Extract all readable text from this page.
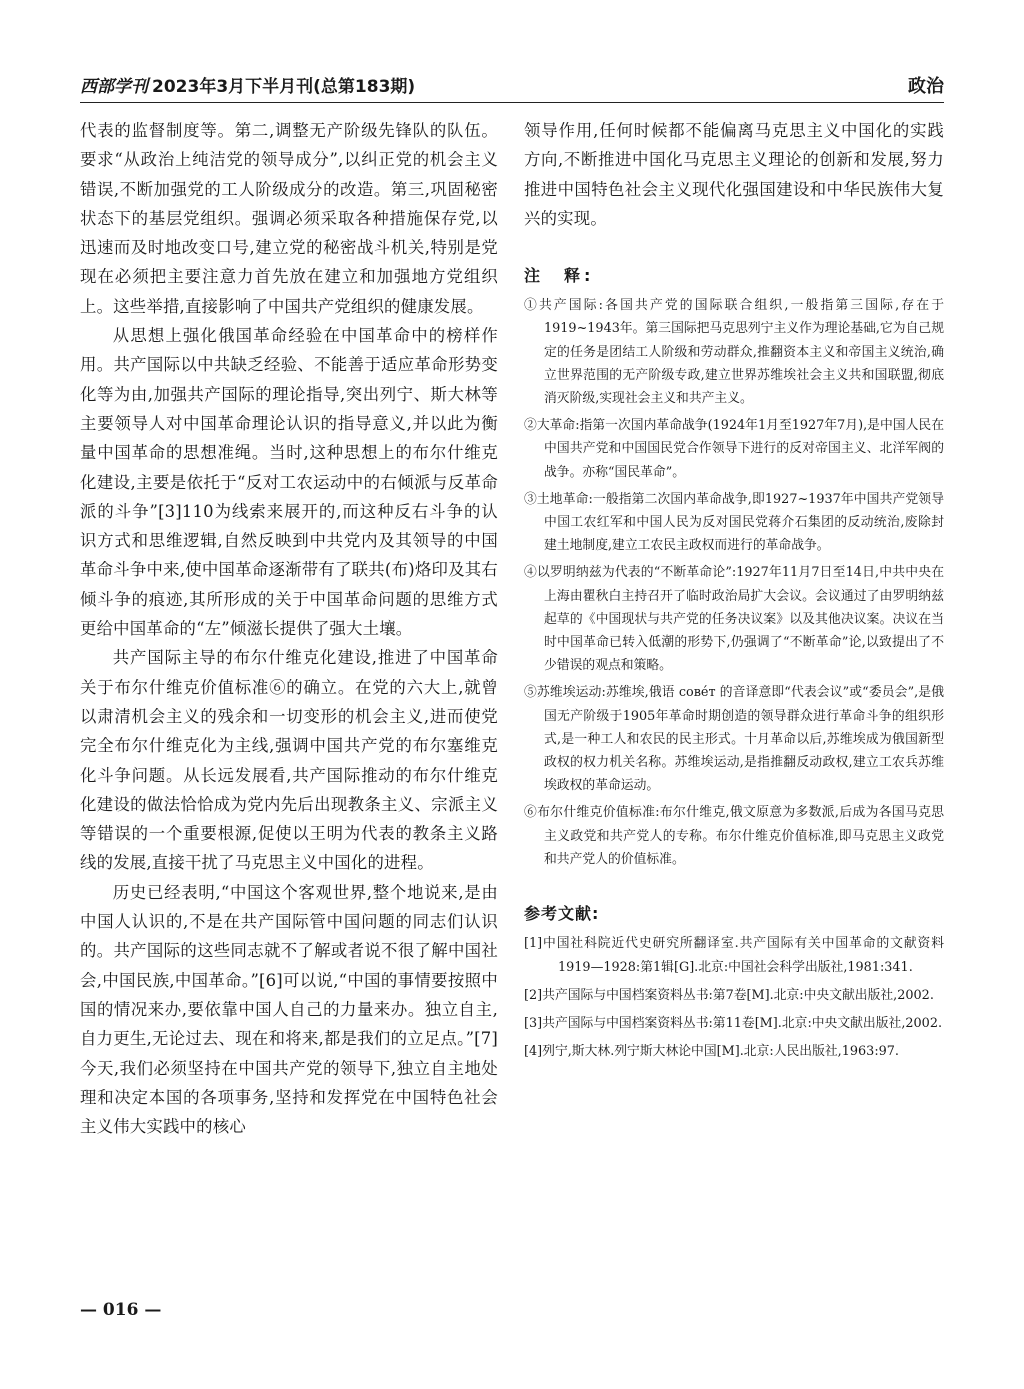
西部学刊 2023年3月下半月刊(总第183期)	政治

代表的监督制度等。第二,调整无产阶级先锋队的队伍。要求“从政治上纯洁党的领导成分”,以纠正党的机会主义错误,不断加强党的工人阶级成分的改造。第三,巩固秘密状态下的基层党组织。强调必须采取各种措施保存党,以迅速而及时地改变口号,建立党的秘密战斗机关,特别是党现在必须把主要注意力首先放在建立和加强地方党组织上。这些举措,直接影响了中国共产党组织的健康发展。

从思想上强化俄国革命经验在中国革命中的榜样作用。共产国际以中共缺乏经验、不能善于适应革命形势变化等为由,加强共产国际的理论指导,突出列宁、斯大林等主要领导人对中国革命理论认识的指导意义,并以此为衡量中国革命的思想准绳。当时,这种思想上的布尔什维克化建设,主要是依托于“反对工农运动中的右倾派与反革命派的斗争”[3]110为线索来展开的,而这种反右斗争的认识方式和思维逻辑,自然反映到中共党内及其领导的中国革命斗争中来,使中国革命逐渐带有了联共(布)烙印及其右倾斗争的痕迹,其所形成的关于中国革命问题的思维方式更给中国革命的“左”倾滋长提供了强大土壤。

共产国际主导的布尔什维克化建设,推进了中国革命关于布尔什维克价值标准⑥的确立。在党的六大上,就曾以肃清机会主义的残余和一切变形的机会主义,进而使党完全布尔什维克化为主线,强调中国共产党的布尔塞维克化斗争问题。从长远发展看,共产国际推动的布尔什维克化建设的做法恰恰成为党内先后出现教条主义、宗派主义等错误的一个重要根源,促使以王明为代表的教条主义路线的发展,直接干扰了马克思主义中国化的进程。

历史已经表明,“中国这个客观世界,整个地说来,是由中国人认识的,不是在共产国际管中国问题的同志们认识的。共产国际的这些同志就不了解或者说不很了解中国社会,中国民族,中国革命。”[6]可以说,“中国的事情要按照中国的情况来办,要依靠中国人自己的力量来办。独立自主,自力更生,无论过去、现在和将来,都是我们的立足点。”[7]今天,我们必须坚持在中国共产党的领导下,独立自主地处理和决定本国的各项事务,坚持和发挥党在中国特色社会主义伟大实践中的核心

领导作用,任何时候都不能偏离马克思主义中国化的实践方向,不断推进中国化马克思主义理论的创新和发展,努力推进中国特色社会主义现代化强国建设和中华民族伟大复兴的实现。

注　释:
①共产国际:各国共产党的国际联合组织,一般指第三国际,存在于1919~1943年。第三国际把马克思列宁主义作为理论基础,它为自己规定的任务是团结工人阶级和劳动群众,推翻资本主义和帝国主义统治,确立世界范围的无产阶级专政,建立世界苏维埃社会主义共和国联盟,彻底消灭阶级,实现社会主义和共产主义。
②大革命:指第一次国内革命战争(1924年1月至1927年7月),是中国人民在中国共产党和中国国民党合作领导下进行的反对帝国主义、北洋军阀的战争。亦称“国民革命”。
③土地革命:一般指第二次国内革命战争,即1927~1937年中国共产党领导中国工农红军和中国人民为反对国民党蒋介石集团的反动统治,废除封建土地制度,建立工农民主政权而进行的革命战争。
④以罗明纳兹为代表的“不断革命论”:1927年11月7日至14日,中共中央在上海由瞿秋白主持召开了临时政治局扩大会议。会议通过了由罗明纳兹起草的《中国现状与共产党的任务决议案》以及其他决议案。决议在当时中国革命已转入低潮的形势下,仍强调了“不断革命”论,以致提出了不少错误的观点和策略。
⑤苏维埃运动:苏维埃,俄语 совéт 的音译意即“代表会议”或“委员会”,是俄国无产阶级于1905年革命时期创造的领导群众进行革命斗争的组织形式,是一种工人和农民的民主形式。十月革命以后,苏维埃成为俄国新型政权的权力机关名称。苏维埃运动,是指推翻反动政权,建立工农兵苏维埃政权的革命运动。
⑥布尔什维克价值标准:布尔什维克,俄文原意为多数派,后成为各国马克思主义政党和共产党人的专称。布尔什维克价值标准,即马克思主义政党和共产党人的价值标准。
参考文献:
[1]中国社科院近代史研究所翻译室.共产国际有关中国革命的文献资料1919—1928:第1辑[G].北京:中国社会科学出版社,1981:341.
[2]共产国际与中国档案资料丛书:第7卷[M].北京:中央文献出版社,2002.
[3]共产国际与中国档案资料丛书:第11卷[M].北京:中央文献出版社,2002.
[4]列宁,斯大林.列宁斯大林论中国[M].北京:人民出版社,1963:97.
— 016 —
